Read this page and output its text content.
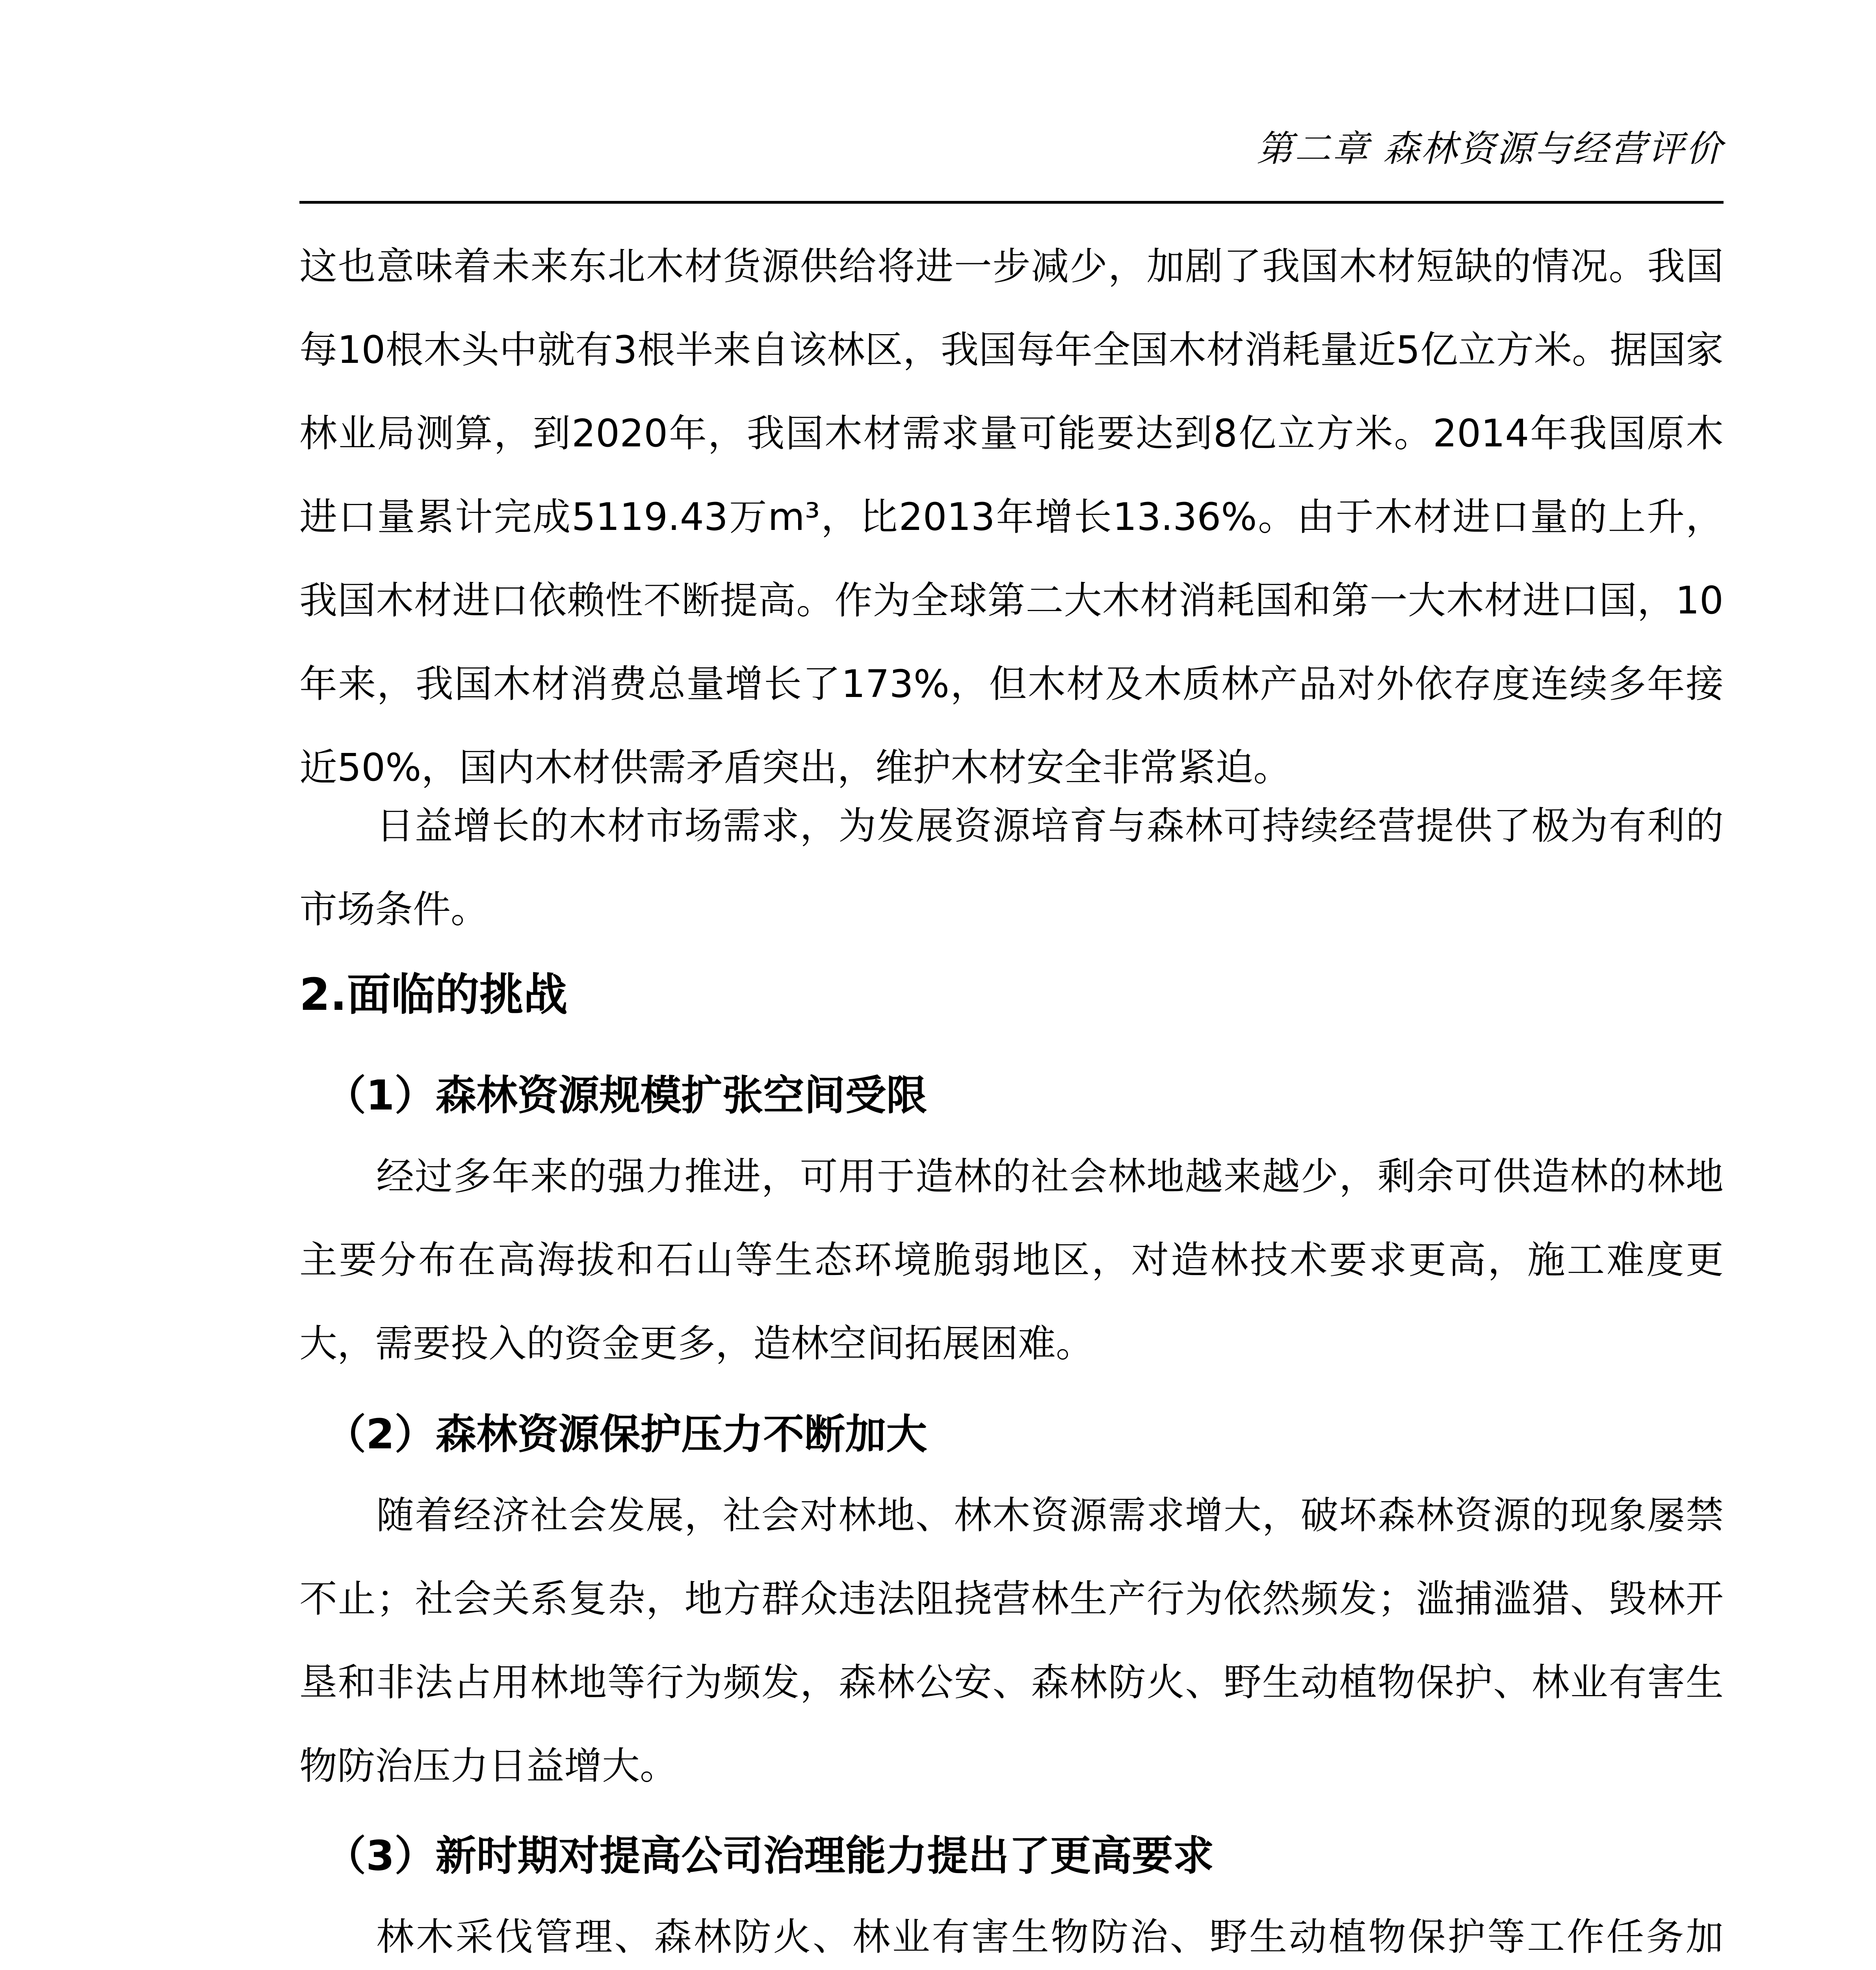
第二章 森林资源与经营评价

这也意味着未来东北木材货源供给将进一步减少，加剧了我国木材短缺的情况。我国每10根木头中就有3根半来自该林区，我国每年全国木材消耗量近5亿立方米。据国家林业局测算，到2020年，我国木材需求量可能要达到8亿立方米。2014年我国原木进口量累计完成5119.43万m³，比2013年增长13.36%。由于木材进口量的上升，我国木材进口依赖性不断提高。作为全球第二大木材消耗国和第一大木材进口国，10年来，我国木材消费总量增长了173%，但木材及木质林产品对外依存度连续多年接近50%，国内木材供需矛盾突出，维护木材安全非常紧迫。

日益增长的木材市场需求，为发展资源培育与森林可持续经营提供了极为有利的市场条件。

2.面临的挑战
（1）森林资源规模扩张空间受限

经过多年来的强力推进，可用于造林的社会林地越来越少，剩余可供造林的林地主要分布在高海拔和石山等生态环境脆弱地区，对造林技术要求更高，施工难度更大，需要投入的资金更多，造林空间拓展困难。

（2）森林资源保护压力不断加大

随着经济社会发展，社会对林地、林木资源需求增大，破坏森林资源的现象屡禁不止；社会关系复杂，地方群众违法阻挠营林生产行为依然频发；滥捕滥猎、毁林开垦和非法占用林地等行为频发，森林公安、森林防火、野生动植物保护、林业有害生物防治压力日益增大。

（3）新时期对提高公司治理能力提出了更高要求

林木采伐管理、森林防火、林业有害生物防治、野生动植物保护等工作任务加
